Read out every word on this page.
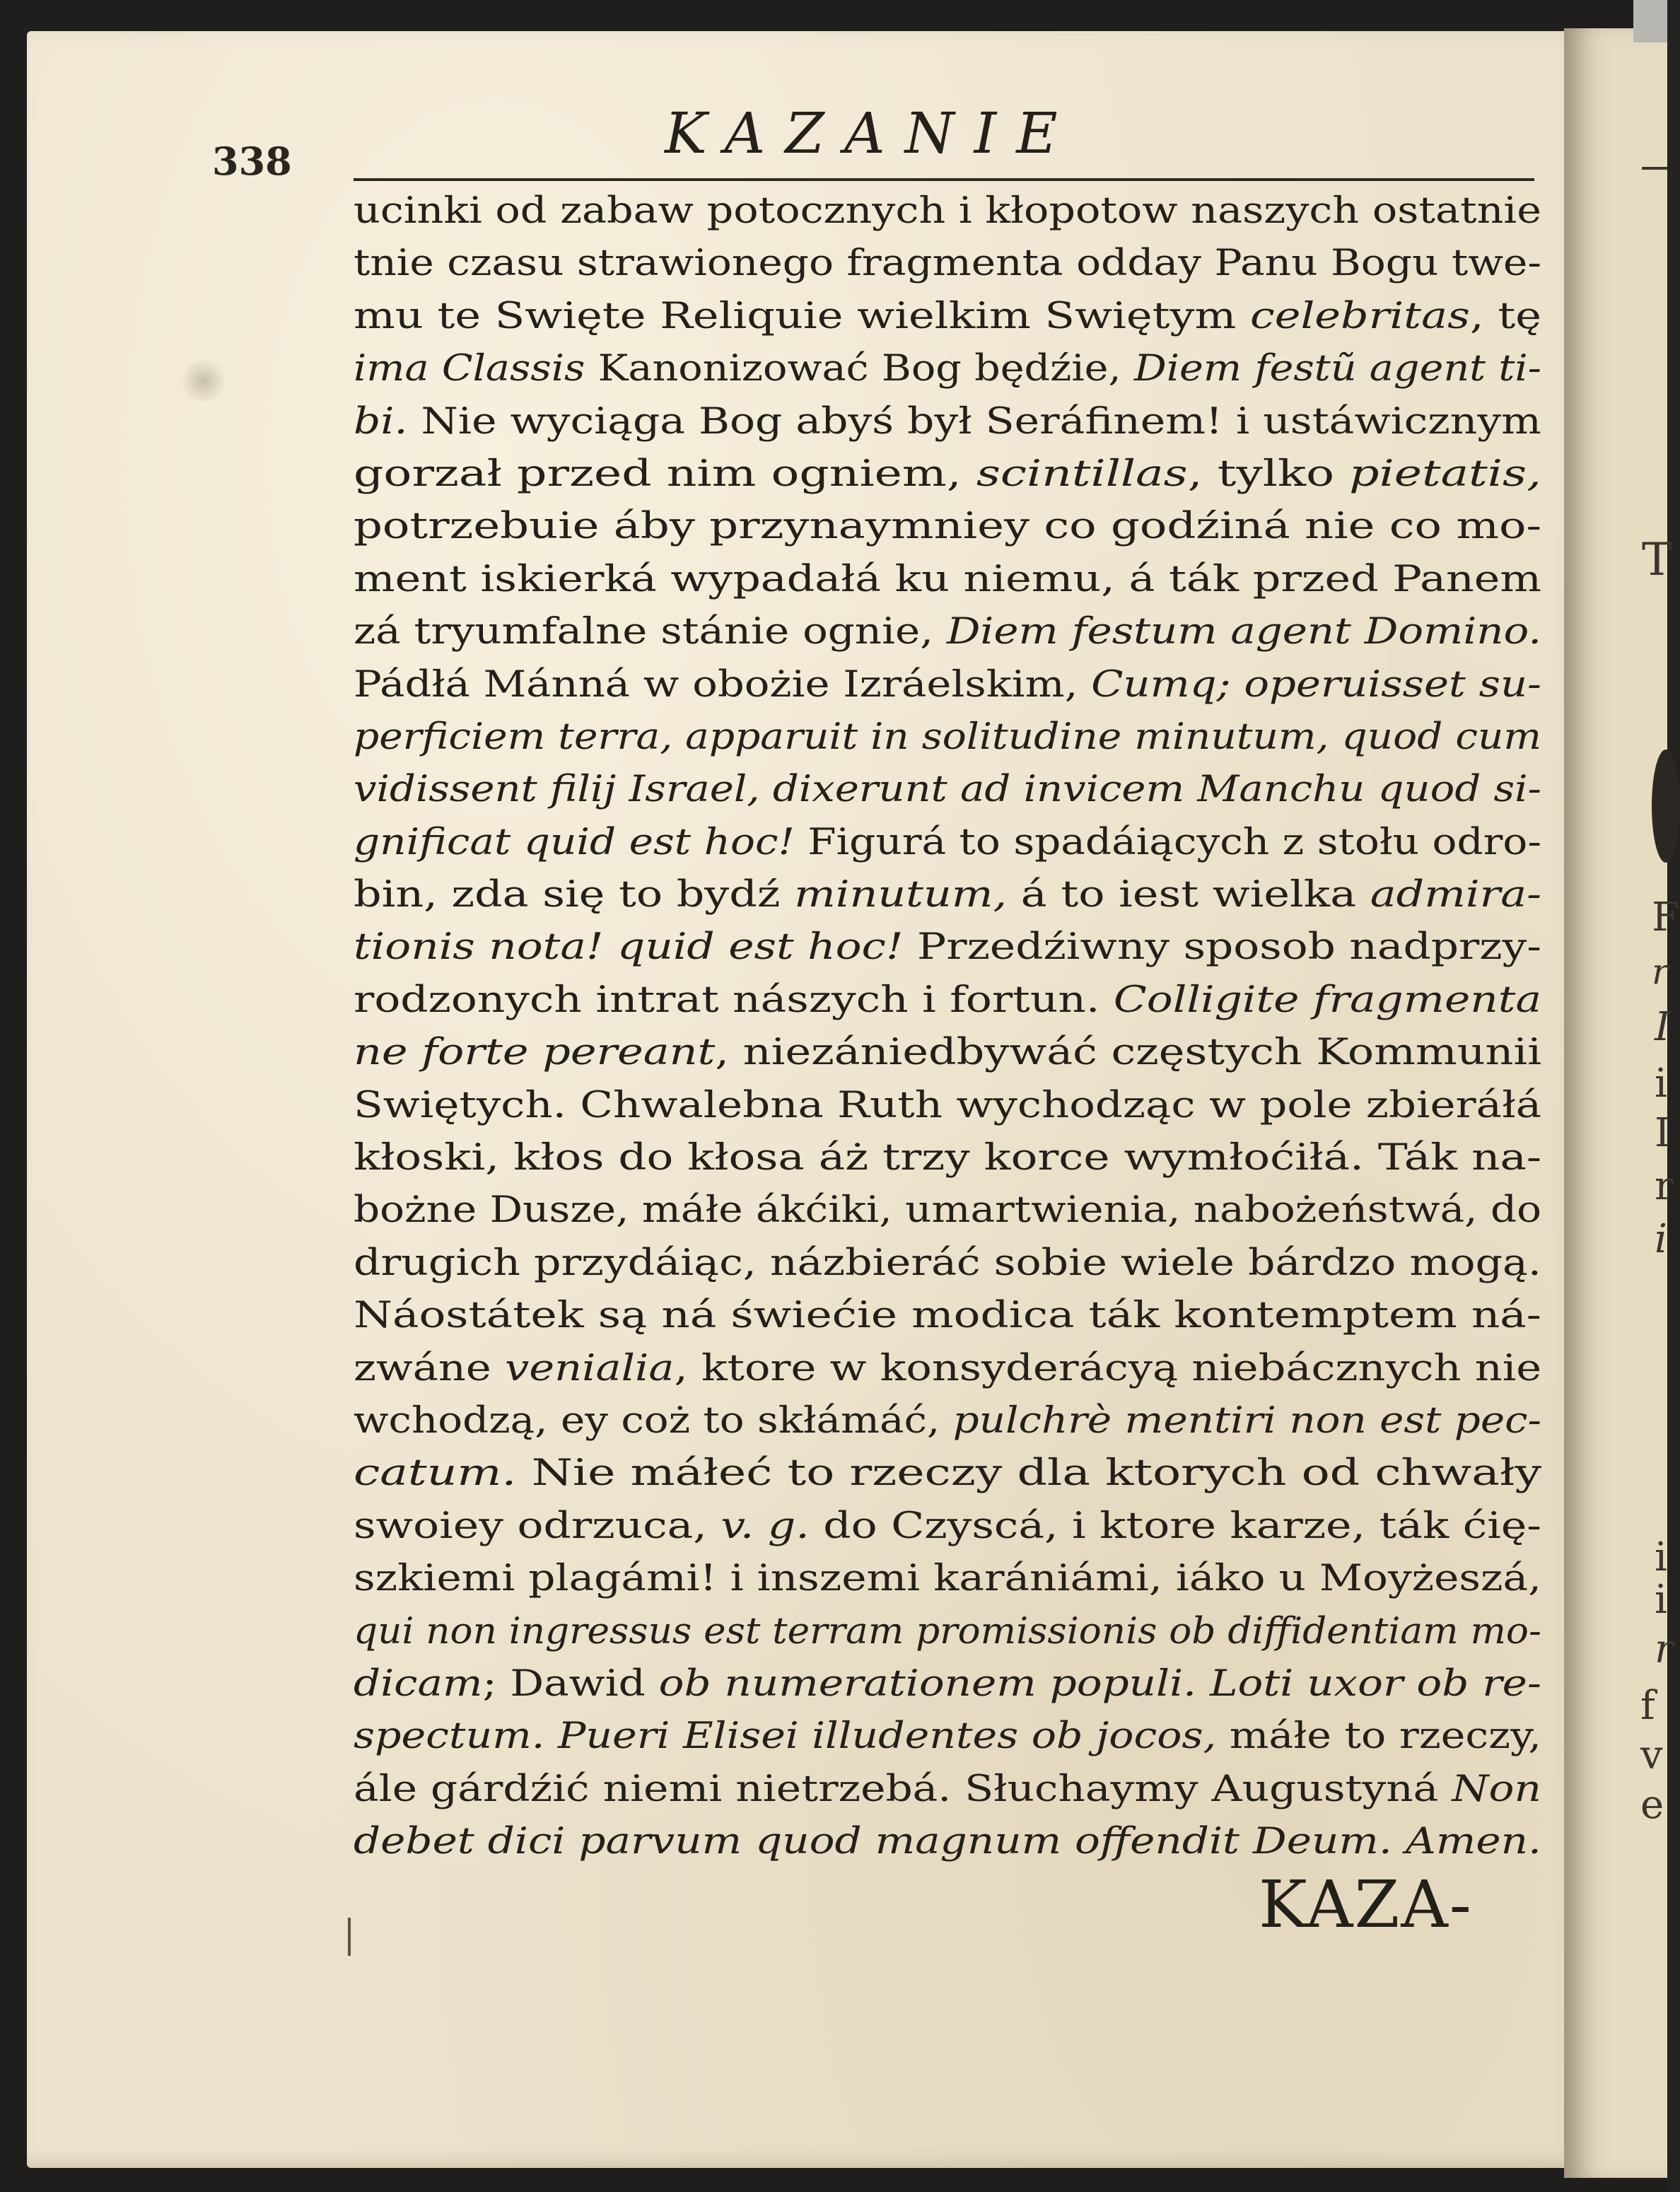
T
F
r
I
i
I
r
i
i
i
r
f
v
e
338	KAZANIE
ucinki od zabaw potocznych i kłopotow naszych ostatnie
tnie czasu strawionego fragmenta odday Panu Bogu twe-
mu te Swięte Reliquie wielkim Swiętym celebritas, tę
ima Classis Kanonizować Bog będźie, Diem festũ agent ti-
bi. Nie wyciąga Bog abyś był Seráfinem! i ustáwicznym
gorzał przed nim ogniem, scintillas, tylko pietatis,
potrzebuie áby przynaymniey co godźiná nie co mo-
ment iskierká wypadałá ku niemu, á ták przed Panem
zá tryumfalne stánie ognie, Diem festum agent Domino.
Pádłá Mánná w obożie Izráelskim, Cumq; operuisset su-
perficiem terra, apparuit in solitudine minutum, quod cum
vidissent filij Israel, dixerunt ad invicem Manchu quod si-
gnificat quid est hoc! Figurá to spadáiących z stołu odro-
bin, zda się to bydź minutum, á to iest wielka admira-
tionis nota! quid est hoc! Przedźiwny sposob nadprzy-
rodzonych intrat nászych i fortun. Colligite fragmenta
ne forte pereant, niezániedbywáć częstych Kommunii
Swiętych. Chwalebna Ruth wychodząc w pole zbieráłá
kłoski, kłos do kłosa áż trzy korce wymłoćiłá. Ták na-
bożne Dusze, máłe ákćiki, umartwienia, nabożeństwá, do
drugich przydáiąc, názbieráć sobie wiele bárdzo mogą.
Náostátek są ná świećie modica ták kontemptem ná-
zwáne venialia, ktore w konsyderácyą niebácznych nie
wchodzą, ey coż to skłámáć, pulchrè mentiri non est pec-
catum. Nie máłeć to rzeczy dla ktorych od chwały
swoiey odrzuca, v. g. do Czyscá, i ktore karze, ták ćię-
szkiemi plagámi! i inszemi karániámi, iáko u Moyżeszá,
qui non ingressus est terram promissionis ob diffidentiam mo-
dicam; Dawid ob numerationem populi. Loti uxor ob re-
spectum. Pueri Elisei illudentes ob jocos, máłe to rzeczy,
ále gárdźić niemi nietrzebá. Słuchaymy Augustyná Non
debet dici parvum quod magnum offendit Deum. Amen.
KAZA-
